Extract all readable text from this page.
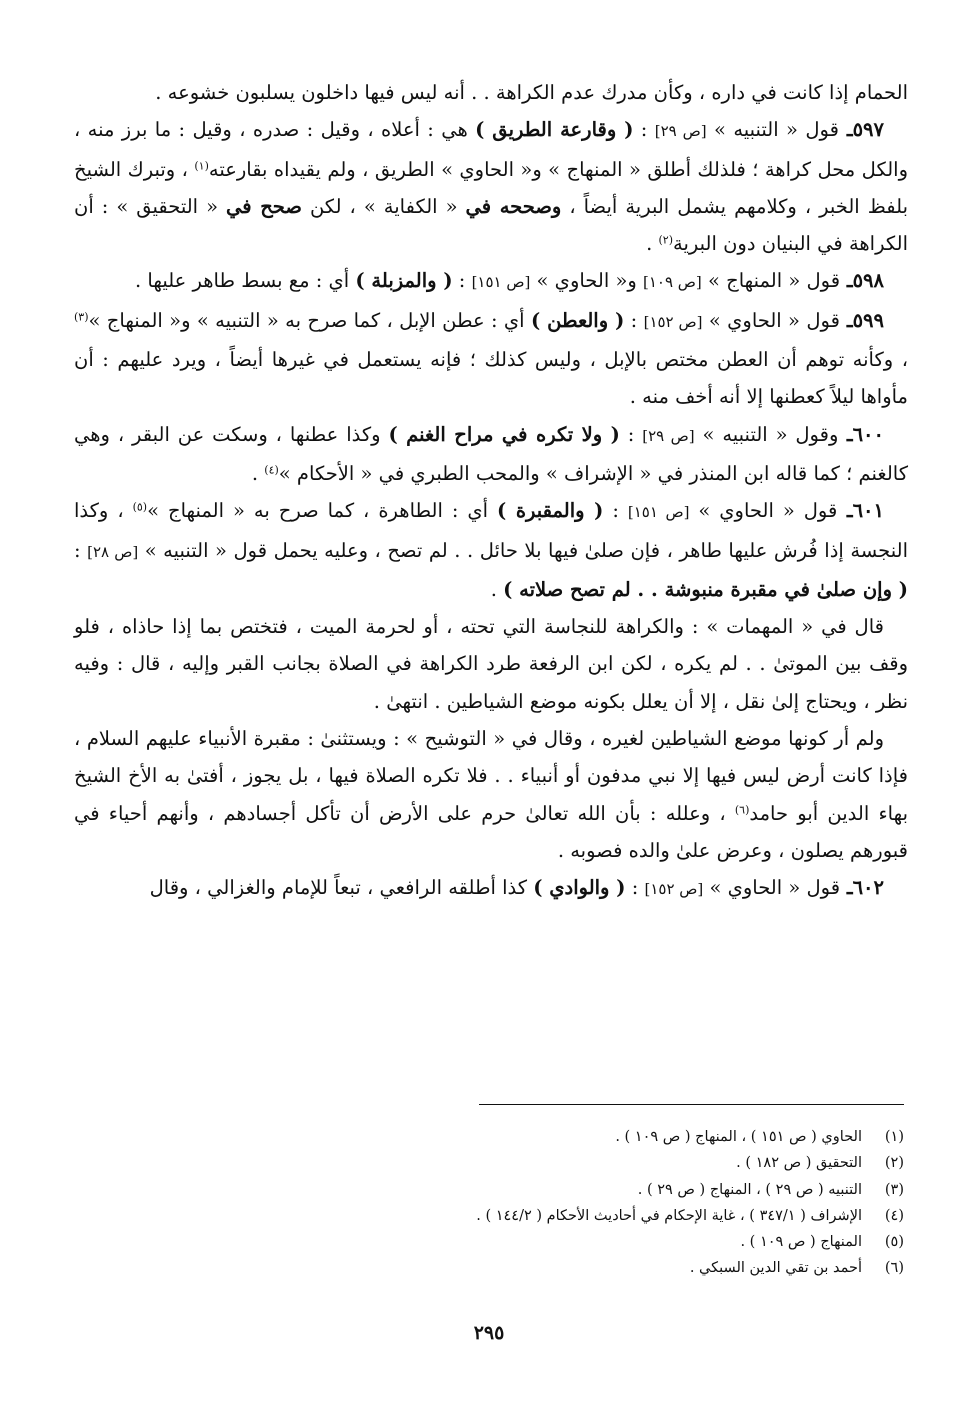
الحمام إذا كانت في داره ، وكأن مدرك عدم الكراهة . . أنه ليس فيها داخلون يسلبون خشوعه .

٥٩٧ـ قول « التنبيه » [ص ٢٩] : ( وقارعة الطريق ) هي : أعلاه ، وقيل : صدره ، وقيل : ما برز منه ، والكل محل كراهة ؛ فلذلك أطلق « المنهاج » و« الحاوي » الطريق ، ولم يقيداه بقارعته$^{(١)}$ ، وتبرك الشيخ بلفظ الخبر ، وكلامهم يشمل البرية أيضاً ، وصححه في « الكفاية » ، لكن صحح في « التحقيق » : أن الكراهة في البنيان دون البرية$^{(٢)}$ .

٥٩٨ـ قول « المنهاج » [ص ١٠٩] و« الحاوي » [ص ١٥١] : ( والمزبلة ) أي : مع بسط طاهر عليها .

٥٩٩ـ قول « الحاوي » [ص ١٥٢] : ( والعطن ) أي : عطن الإبل ، كما صرح به « التنبيه » و« المنهاج »$^{(٣)}$ ، وكأنه توهم أن العطن مختص بالإبل ، وليس كذلك ؛ فإنه يستعمل في غيرها أيضاً ، ويرد عليهم : أن مأواها ليلاً كعطنها إلا أنه أخف منه .

٦٠٠ـ وقول « التنبيه » [ص ٢٩] : ( ولا تكره في مراح الغنم ) وكذا عطنها ، وسكت عن البقر ، وهي كالغنم ؛ كما قاله ابن المنذر في « الإشراف » والمحب الطبري في « الأحكام »$^{(٤)}$ .

٦٠١ـ قول « الحاوي » [ص ١٥١] : ( والمقبرة ) أي : الطاهرة ، كما صرح به « المنهاج »$^{(٥)}$ ، وكذا النجسة إذا فُرش عليها طاهر ، فإن صلىٰ فيها بلا حائل . . لم تصح ، وعليه يحمل قول « التنبيه » [ص ٢٨] : ( وإن صلىٰ في مقبرة منبوشة . . لم تصح صلاته ) .

قال في « المهمات » : والكراهة للنجاسة التي تحته ، أو لحرمة الميت ، فتختص بما إذا حاذاه ، فلو وقف بين الموتىٰ . . لم يكره ، لكن ابن الرفعة طرد الكراهة في الصلاة بجانب القبر وإليه ، قال : وفيه نظر ، ويحتاج إلىٰ نقل ، إلا أن يعلل بكونه موضع الشياطين . انتهىٰ .

ولم أر كونها موضع الشياطين لغيره ، وقال في « التوشيح » : ويستثنىٰ : مقبرة الأنبياء عليهم السلام ، فإذا كانت أرض ليس فيها إلا نبي مدفون أو أنبياء . . فلا تكره الصلاة فيها ، بل يجوز ، أفتىٰ به الأخ الشيخ بهاء الدين أبو حامد$^{(٦)}$ ، وعلله : بأن الله تعالىٰ حرم على الأرض أن تأكل أجسادهم ، وأنهم أحياء في قبورهم يصلون ، وعرض علىٰ والده فصوبه .

٦٠٢ـ قول « الحاوي » [ص ١٥٢] : ( والوادي ) كذا أطلقه الرافعي ، تبعاً للإمام والغزالي ، وقال

(١)الحاوي ( ص ١٥١ ) ، المنهاج ( ص ١٠٩ ) .
(٢)التحقيق ( ص ١٨٢ ) .
(٣)التنبيه ( ص ٢٩ ) ، المنهاج ( ص ٢٩ ) .
(٤)الإشراف ( ٣٤٧/١ ) ، غاية الإحكام في أحاديث الأحكام ( ١٤٤/٢ ) .
(٥)المنهاج ( ص ١٠٩ ) .
(٦)أحمد بن تقي الدين السبكي .
٢٩٥
